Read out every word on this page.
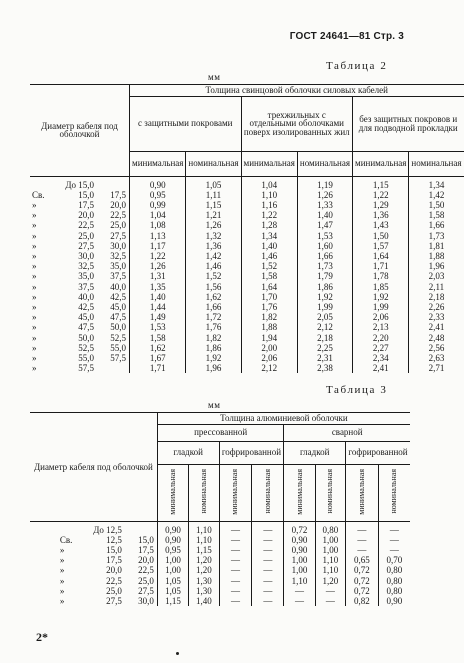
ГОСТ 24641—81 Стр. 3
мм
Таблица 2
Диаметр кабеля под оболочкой	Толщина свинцовой оболочки силовых кабелей					
	с защитными покровами		трехжильных с отдельными оболочками поверх изолированных жил		без защитных покровов и для подводной прокладки	
	минимальная	номинальная	минимальная	номинальная	минимальная	номинальная
До 15,0	0,90	1,05	1,04	1,19	1,15	1,34
Св. 15,0 17,5	0,95	1,11	1,10	1,26	1,22	1,42
» 17,5 20,0	0,99	1,15	1,16	1,33	1,29	1,50
» 20,0 22,5	1,04	1,21	1,22	1,40	1,36	1,58
» 22,5 25,0	1,08	1,26	1,28	1,47	1,43	1,66
» 25,0 27,5	1,13	1,32	1,34	1,53	1,50	1,73
» 27,5 30,0	1,17	1,36	1,40	1,60	1,57	1,81
» 30,0 32,5	1,22	1,42	1,46	1,66	1,64	1,88
» 32,5 35,0	1,26	1,46	1,52	1,73	1,71	1,96
» 35,0 37,5	1,31	1,52	1,58	1,79	1,78	2,03
» 37,5 40,0	1,35	1,56	1,64	1,86	1,85	2,11
» 40,0 42,5	1,40	1,62	1,70	1,92	1,92	2,18
» 42,5 45,0	1,44	1,66	1,76	1,99	1,99	2,26
» 45,0 47,5	1,49	1,72	1,82	2,05	2,06	2,33
» 47,5 50,0	1,53	1,76	1,88	2,12	2,13	2,41
» 50,0 52,5	1,58	1,82	1,94	2,18	2,20	2,48
» 52,5 55,0	1,62	1,86	2,00	2,25	2,27	2,56
» 55,0 57,5	1,67	1,92	2,06	2,31	2,34	2,63
» 57,5	1,71	1,96	2,12	2,38	2,41	2,71
мм
Таблица 3
Диаметр кабеля под оболочкой	Толщина алюминиевой оболочки							
	прессованной				сварной			
	гладкой		гофрированной		гладкой		гофрированной	
	минимальная	номинальная	минимальная	номинальная	минимальная	номинальная	минимальная	номинальная
До 12,5	0,90	1,10	—	—	0,72	0,80	—	—
Св. 12,5 15,0	0,90	1,10	—	—	0,90	1,00	—	—
» 15,0 17,5	0,95	1,15	—	—	0,90	1,00	—	—
» 17,5 20,0	1,00	1,20	—	—	1,00	1,10	0,65	0,70
» 20,0 22,5	1,00	1,20	—	—	1,00	1,10	0,72	0,80
» 22,5 25,0	1,05	1,30	—	—	1,10	1,20	0,72	0,80
» 25,0 27,5	1,05	1,30	—	—	—	—	0,72	0,80
» 27,5 30,0	1,15	1,40	—	—	—	—	0,82	0,90
2*
